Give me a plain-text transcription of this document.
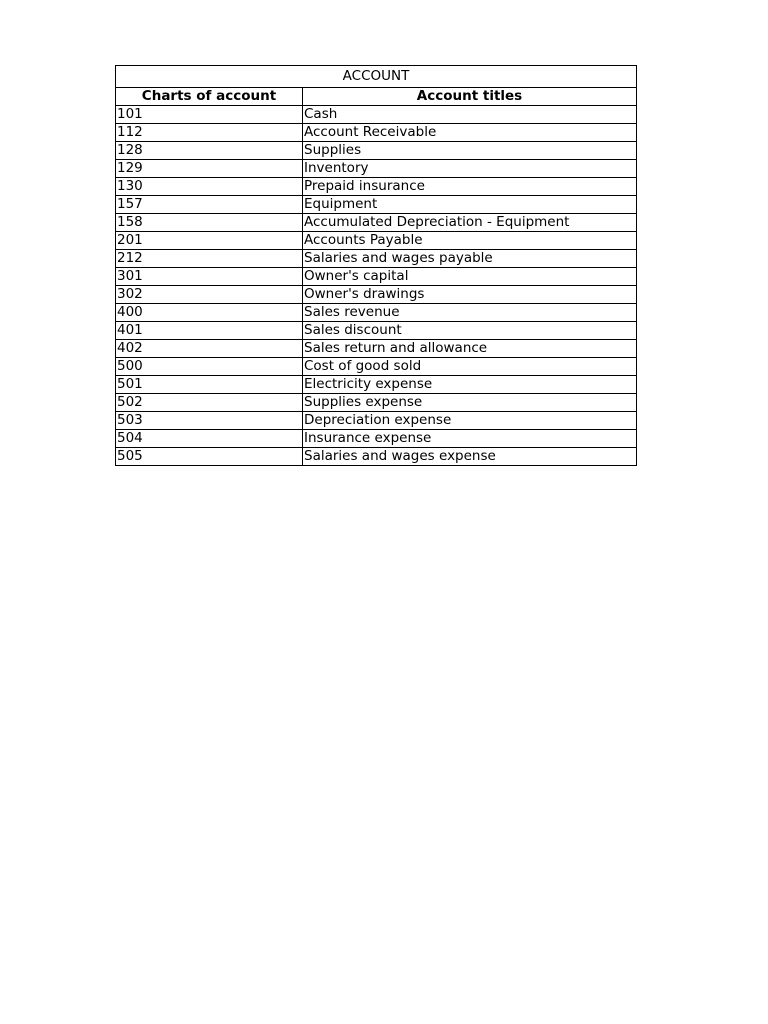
ACCOUNT	
Charts of account	Account titles
101	Cash
112	Account Receivable
128	Supplies
129	Inventory
130	Prepaid insurance
157	Equipment
158	Accumulated Depreciation - Equipment
201	Accounts Payable
212	Salaries and wages payable
301	Owner's capital
302	Owner's drawings
400	Sales revenue
401	Sales discount
402	Sales return and allowance
500	Cost of good sold
501	Electricity expense
502	Supplies expense
503	Depreciation expense
504	Insurance expense
505	Salaries and wages expense
